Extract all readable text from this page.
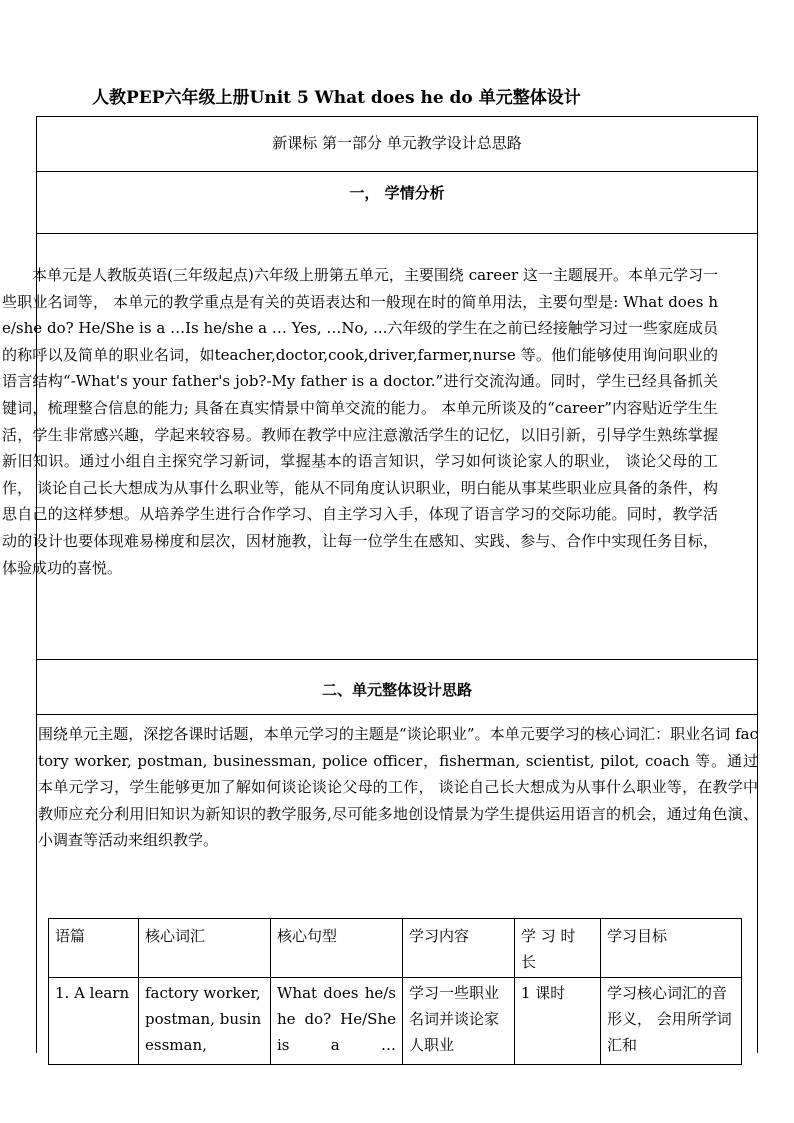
人教PEP六年级上册Unit 5 What does he do 单元整体设计
新课标 第一部分 单元教学设计总思路
一， 学情分析
本单元是人教版英语(三年级起点)六年级上册第五单元，主要围绕 career 这一主题展开。本单元学习一些职业名词等， 本单元的教学重点是有关的英语表达和一般现在时的简单用法，主要句型是: What does he/she do? He/She is a …Is he/she a … Yes, …No, ...六年级的学生在之前已经接触学习过一些家庭成员的称呼以及简单的职业名词，如teacher,doctor,cook,driver,farmer,nurse 等。他们能够使用询问职业的语言结构“-What's your father's job?-My father is a doctor.”进行交流沟通。同时，学生已经具备抓关键词，梳理整合信息的能力; 具备在真实情景中简单交流的能力。 本单元所谈及的“career”内容贴近学生生活，学生非常感兴趣，学起来较容易。教师在教学中应注意激活学生的记忆，以旧引新，引导学生熟练掌握新旧知识。通过小组自主探究学习新词，掌握基本的语言知识，学习如何谈论家人的职业， 谈论父母的工作， 谈论自己长大想成为从事什么职业等，能从不同角度认识职业，明白能从事某些职业应具备的条件，构思自己的这样梦想。从培养学生进行合作学习、自主学习入手，体现了语言学习的交际功能。同时，教学活动的设计也要体现难易梯度和层次，因材施教，让每一位学生在感知、实践、参与、合作中实现任务目标，体验成功的喜悦。
二、单元整体设计思路
围绕单元主题，深挖各课时话题，本单元学习的主题是“谈论职业”。本单元要学习的核心词汇：职业名词 factory worker, postman, businessman, police officer，fisherman, scientist, pilot, coach 等。通过本单元学习，学生能够更加了解如何谈论谈论父母的工作， 谈论自己长大想成为从事什么职业等，在教学中教师应充分利用旧知识为新知识的教学服务,尽可能多地创设情景为学生提供运用语言的机会，通过角色演、小调查等活动来组织教学。
语篇	核心词汇	核心句型	学习内容	学 习 时 长	学习目标

1. A learn	factory worker, postman, businessman,	What does he/she do? He/She is a …	学习一些职业名词并谈论家人职业	1 课时	学习核心词汇的音形义， 会用所学词汇和
